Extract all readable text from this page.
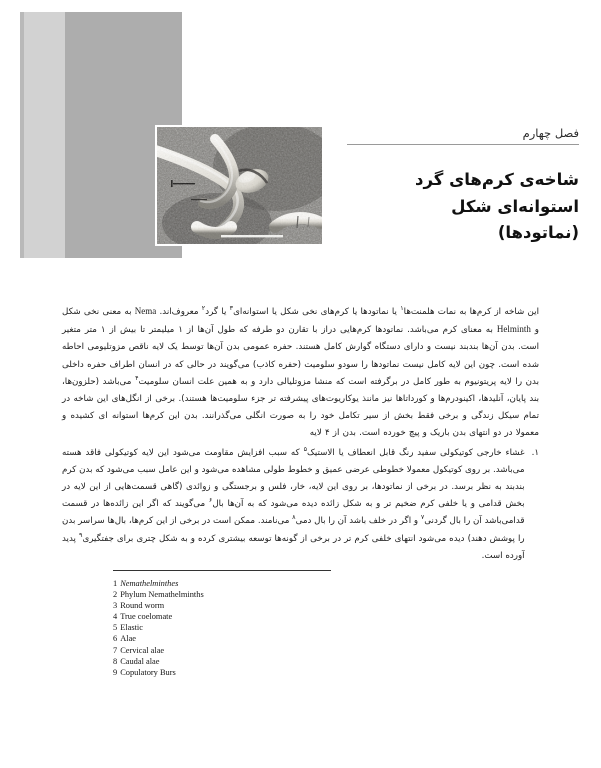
فصل چهارم
شاخه‌ی کرم‌های گرد
استوانه‌ای شکل
(نماتودها)

این شاخه از کرم‌ها به نمات هلمنت‌ها$^۱$ یا نماتودها یا کرم‌های نخی شکل یا استوانه‌ای$^۳$ یا گرد$^۲$ معروف‌اند. Nema به معنی نخی شکل و Helminth به معنای کرم می‌باشد. نماتودها کرم‌هایی دراز با تقارن دو طرفه که طول آن‌ها از ۱ میلیمتر تا بیش از ۱ متر متغیر است. بدن آن‌ها بندبند نیست و دارای دستگاه گوارش کامل هستند. حفره عمومی بدن آن‌ها توسط یک لایه ناقص مزوتلیومی احاطه شده است. چون این لایه کامل نیست نماتودها را سودو سلومیت (حفره کاذب) می‌گویند در حالی که در انسان اطراف حفره داخلی بدن را لایه پریتونیوم به طور کامل در برگرفته است که منشا مزوتلیالی دارد و به همین علت انسان سلومیت$^۴$ می‌باشد (حلزون‌ها، بند پایان، آنلیدها، اکینودرم‌ها و کورداتاها نیز ماننذ یوکاریوت‌های پیشرفته تر جزء سلومیت‌ها هستند). برخی از انگل‌های این شاخه در تمام سیکل زندگی و برخی فقط بخش از سیر تکامل خود را به صورت انگلی می‌گذرانند. بدن این کرم‌ها استوانه ای کشیده و معمولا در دو انتهای بدن باریک و پیچ خورده است. بدن از ۴ لایه

۱.
غشاء خارجی کوتیکولی سفید رنگ قابل انعطاف یا الاستیک$^۵$ که سبب افزایش مقاومت می‌شود این لایه کوتیکولی فاقد هسته می‌باشد. بر روی کوتیکول معمولا خطوطی عرضی عمیق و خطوط طولی مشاهده می‌شود و این عامل سبب می‌شود که بدن کرم بندبند به نظر برسد. در برخی از نماتودها، بر روی این لایه، خار، فلس و برجستگی و زوائدی (گاهی قسمت‌هایی از این لایه در بخش قدامی و یا خلفی کرم ضخیم تر و به شکل زائده دیده می‌شود که به آن‌ها بال$^۶$ می‌گویند که اگر این زائده‌ها در قسمت قدامی‌باشد آن را بال گردنی$^۷$ و اگر در خلف باشد آن را بال دمی$^۸$ می‌نامند. ممکن است در برخی از این کرم‌ها، بال‌ها سراسر بدن را پوشش دهند) دیده می‌شود انتهای خلفی کرم تر در برخی از گونه‌ها توسعه بیشتری کرده و به شکل چتری برای جفتگیری$^۹$ پدید آورده است.
1 Nemathelminthes
2 Phylum Nemathelminths
3 Round worm
4 True coelomate
5 Elastic
6 Alae
7 Cervical alae
8 Caudal alae
9 Copulatory Burs
